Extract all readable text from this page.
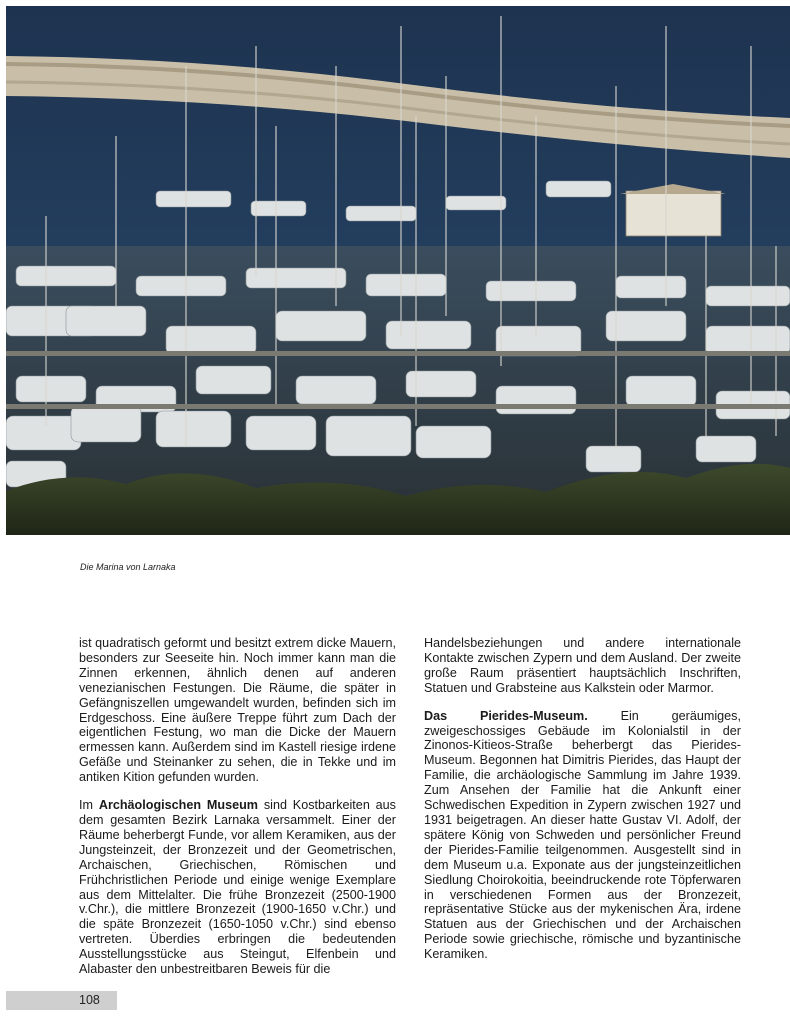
Die Marina von Larnaka

ist quadratisch geformt und besitzt extrem dicke Mauern, besonders zur Seeseite hin. Noch immer kann man die Zinnen erkennen, ähnlich denen auf anderen venezianischen Festungen. Die Räume, die später in Gefängniszellen umgewandelt wurden, befinden sich im Erdgeschoss. Eine äußere Treppe führt zum Dach der eigentlichen Festung, wo man die Dicke der Mauern ermessen kann. Außerdem sind im Kastell riesige irdene Gefäße und Steinanker zu sehen, die in Tekke und im antiken Kition gefunden wurden.

Im Archäologischen Museum sind Kostbarkeiten aus dem gesamten Bezirk Larnaka versammelt. Einer der Räume beherbergt Funde, vor allem Keramiken, aus der Jungsteinzeit, der Bronzezeit und der Geometrischen, Archaischen, Griechischen, Römischen und Frühchristlichen Periode und einige wenige Exemplare aus dem Mittelalter. Die frühe Bronzezeit (2500-1900 v.Chr.), die mittlere Bronzezeit (1900-1650 v.Chr.) und die späte Bronzezeit (1650-1050 v.Chr.) sind ebenso vertreten. Überdies erbringen die bedeutenden Ausstellungsstücke aus Steingut, Elfenbein und Alabaster den unbestreitbaren Beweis für die

Handelsbeziehungen und andere internationale Kontakte zwischen Zypern und dem Ausland. Der zweite große Raum präsentiert hauptsächlich Inschriften, Statuen und Grabsteine aus Kalkstein oder Marmor.

Das Pierides-Museum. Ein geräumiges, zweigeschossiges Gebäude im Kolonialstil in der Zinonos-Kitieos-Straße beherbergt das Pierides-Museum. Begonnen hat Dimitris Pierides, das Haupt der Familie, die archäologische Sammlung im Jahre 1939. Zum Ansehen der Familie hat die Ankunft einer Schwedischen Expedition in Zypern zwischen 1927 und 1931 beigetragen. An dieser hatte Gustav VI. Adolf, der spätere König von Schweden und persönlicher Freund der Pierides-Familie teilgenommen. Ausgestellt sind in dem Museum u.a. Exponate aus der jungsteinzeitlichen Siedlung Choirokoitia, beeindruckende rote Töpferwaren in verschiedenen Formen aus der Bronzezeit, repräsentative Stücke aus der mykenischen Ära, irdene Statuen aus der Griechischen und der Archaischen Periode sowie griechische, römische und byzantinische Keramiken.

108
